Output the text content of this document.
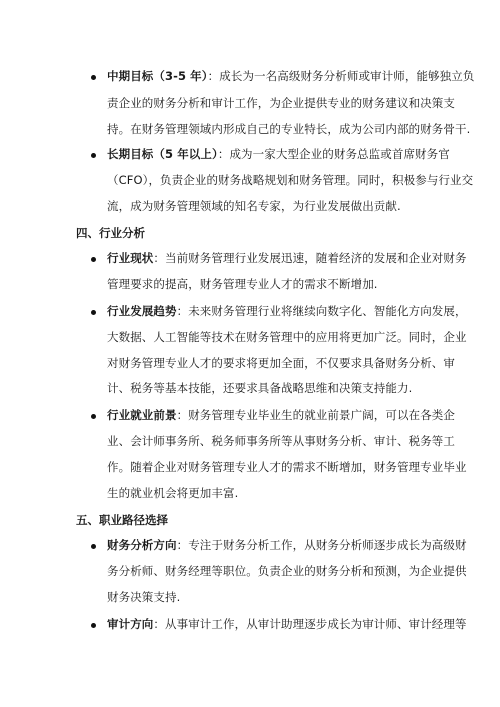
中期目标（3-5 年）：成长为一名高级财务分析师或审计师，能够独立负
责企业的财务分析和审计工作，为企业提供专业的财务建议和决策支
持。在财务管理领域内形成自己的专业特长，成为公司内部的财务骨干.
长期目标（5 年以上）：成为一家大型企业的财务总监或首席财务官
（CFO），负责企业的财务战略规划和财务管理。同时，积极参与行业交
流，成为财务管理领域的知名专家，为行业发展做出贡献.
四、行业分析
行业现状：当前财务管理行业发展迅速，随着经济的发展和企业对财务
管理要求的提高，财务管理专业人才的需求不断增加.
行业发展趋势：未来财务管理行业将继续向数字化、智能化方向发展，
大数据、人工智能等技术在财务管理中的应用将更加广泛。同时，企业
对财务管理专业人才的要求将更加全面，不仅要求具备财务分析、审
计、税务等基本技能，还要求具备战略思维和决策支持能力.
行业就业前景：财务管理专业毕业生的就业前景广阔，可以在各类企
业、会计师事务所、税务师事务所等从事财务分析、审计、税务等工
作。随着企业对财务管理专业人才的需求不断增加，财务管理专业毕业
生的就业机会将更加丰富.
五、职业路径选择
财务分析方向：专注于财务分析工作，从财务分析师逐步成长为高级财
务分析师、财务经理等职位。负责企业的财务分析和预测，为企业提供
财务决策支持.
审计方向：从事审计工作，从审计助理逐步成长为审计师、审计经理等
